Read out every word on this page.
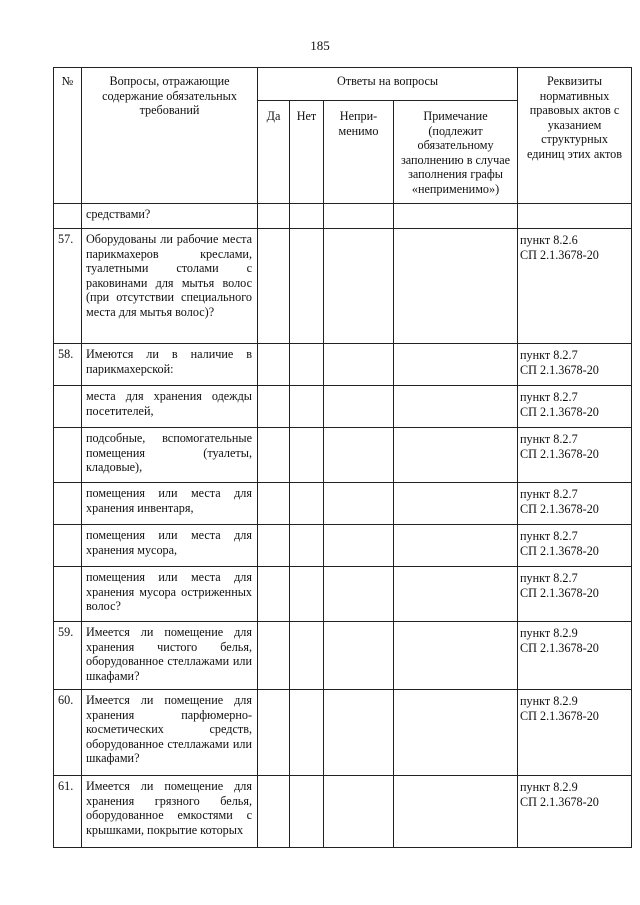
185
№	Вопросы, отражающие содержание обязательных требований	Ответы на вопросы				Реквизиты нормативных правовых актов с указанием структурных единиц этих актов
		Да	Нет	Непри-менимо	Примечание (подлежит обязательному заполнению в случае заполнения графы «неприменимо»)	
	средствами?					

57.	Оборудованы ли рабочие места парикмахеров креслами, туалетными столами с раковинами для мытья волос (при отсутствии специального места для мытья волос)?					пункт 8.2.6
СП 2.1.3678-20

58.	Имеются ли в наличие в парикмахерской:					пункт 8.2.7
СП 2.1.3678-20

	места для хранения одежды посетителей,					пункт 8.2.7
СП 2.1.3678-20

	подсобные, вспомогательные помещения (туалеты, кладовые),					пункт 8.2.7
СП 2.1.3678-20

	помещения или места для хранения инвентаря,					пункт 8.2.7
СП 2.1.3678-20

	помещения или места для хранения мусора,					пункт 8.2.7
СП 2.1.3678-20

	помещения или места для хранения мусора остриженных волос?					пункт 8.2.7
СП 2.1.3678-20

59.	Имеется ли помещение для хранения чистого белья, оборудованное стеллажами или шкафами?					пункт 8.2.9
СП 2.1.3678-20

60.	Имеется ли помещение для хранения парфюмерно-косметических средств, оборудованное стеллажами или шкафами?					пункт 8.2.9
СП 2.1.3678-20

61.	Имеется ли помещение для хранения грязного белья, оборудованное емкостями с крышками, покрытие которых					пункт 8.2.9
СП 2.1.3678-20
